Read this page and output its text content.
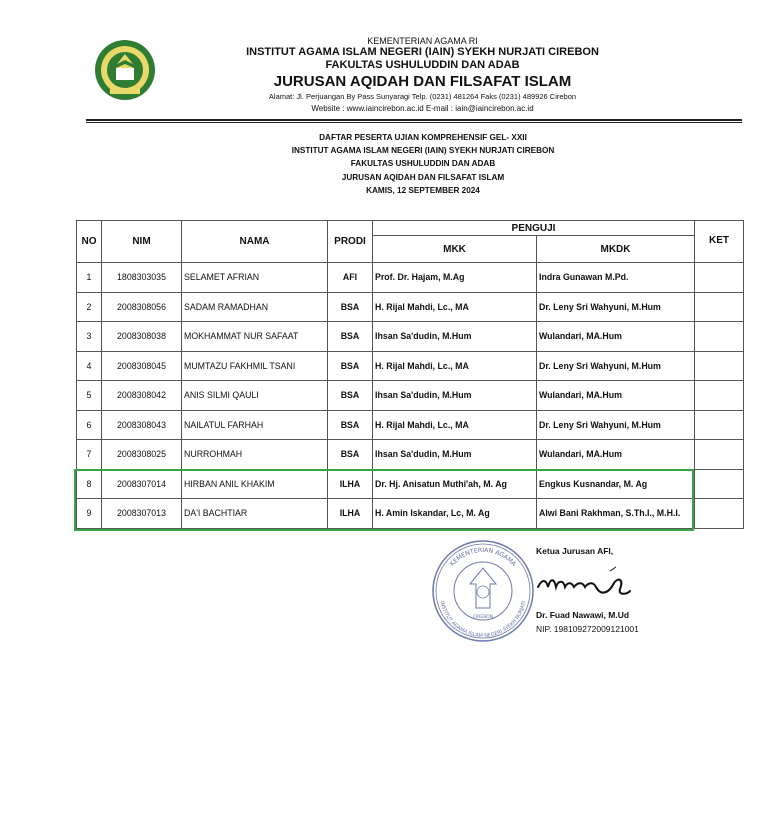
KEMENTERIAN AGAMA RI
INSTITUT AGAMA ISLAM NEGERI (IAIN) SYEKH NURJATI CIREBON
FAKULTAS USHULUDDIN DAN ADAB
JURUSAN AQIDAH DAN FILSAFAT ISLAM
Alamat: Jl. Perjuangan By Pass Sunyaragi Telp. (0231) 481264 Faks (0231) 489926 Cirebon
Website : www.iaincirebon.ac.id E-mail : iain@iaincirebon.ac.id
DAFTAR PESERTA UJIAN KOMPREHENSIF GEL- XXII
INSTITUT AGAMA ISLAM NEGERI (IAIN) SYEKH NURJATI CIREBON
FAKULTAS USHULUDDIN DAN ADAB
JURUSAN AQIDAH DAN FILSAFAT ISLAM
KAMIS, 12 SEPTEMBER 2024
NO	NIM	NAMA	PRODI	PENGUJI		KET
				MKK	MKDK	
1	1808303035	SELAMET AFRIAN	AFI	Prof. Dr. Hajam, M.Ag	Indra Gunawan M.Pd.	
2	2008308056	SADAM RAMADHAN	BSA	H. Rijal Mahdi, Lc., MA	Dr. Leny Sri Wahyuni, M.Hum	
3	2008308038	MOKHAMMAT NUR SAFAAT	BSA	Ihsan Sa'dudin, M.Hum	Wulandari, MA.Hum	
4	2008308045	MUMTAZU FAKHMIL TSANI	BSA	H. Rijal Mahdi, Lc., MA	Dr. Leny Sri Wahyuni, M.Hum	
5	2008308042	ANIS SILMI QAULI	BSA	Ihsan Sa'dudin, M.Hum	Wulandari, MA.Hum	
6	2008308043	NAILATUL FARHAH	BSA	H. Rijal Mahdi, Lc., MA	Dr. Leny Sri Wahyuni, M.Hum	
7	2008308025	NURROHMAH	BSA	Ihsan Sa'dudin, M.Hum	Wulandari, MA.Hum	
8	2008307014	HIRBAN ANIL KHAKIM	ILHA	Dr. Hj. Anisatun Muthi'ah, M. Ag	Engkus Kusnandar, M. Ag	
9	2008307013	DA'I BACHTIAR	ILHA	H. Amin Iskandar, Lc, M. Ag	Alwi Bani Rakhman, S.Th.I., M.H.I.	
KEMENTERIAN AGAMA
INSTITUT AGAMA ISLAM NEGERI SYEKH NURJATI
CIREBON
Ketua Jurusan AFI,
Dr. Fuad Nawawi, M.Ud
NIP. 198109272009121001
